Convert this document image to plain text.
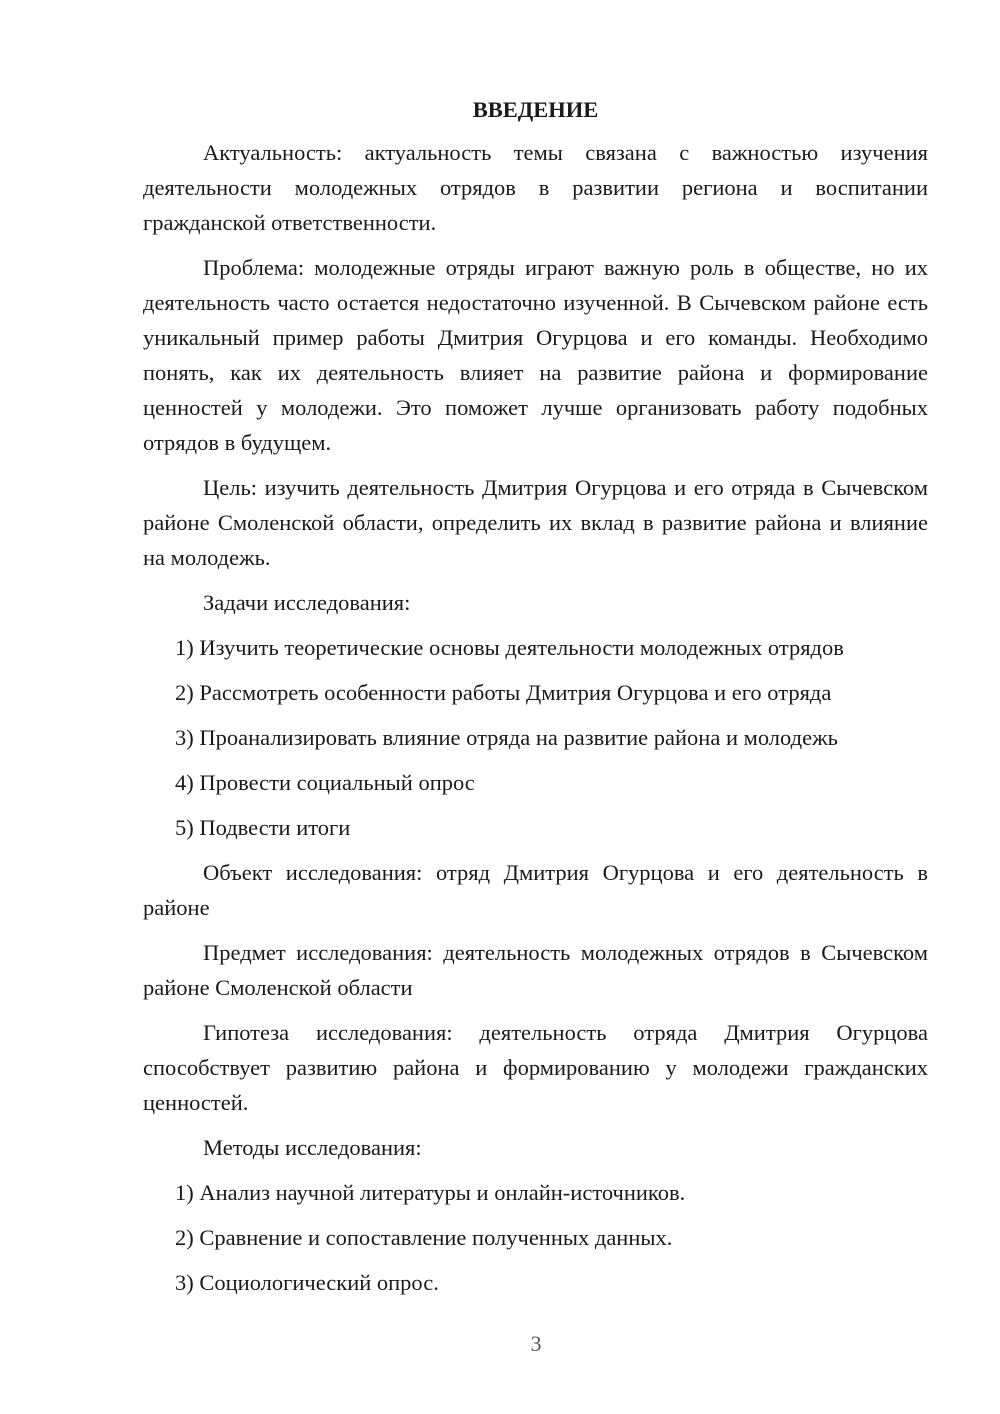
ВВЕДЕНИЕ

Актуальность: актуальность темы связана с важностью изучения деятельности молодежных отрядов в развитии региона и воспитании гражданской ответственности.

Проблема: молодежные отряды играют важную роль в обществе, но их деятельность часто остается недостаточно изученной. В Сычевском районе есть уникальный пример работы Дмитрия Огурцова и его команды. Необходимо понять, как их деятельность влияет на развитие района и формирование ценностей у молодежи. Это поможет лучше организовать работу подобных отрядов в будущем.

Цель: изучить деятельность Дмитрия Огурцова и его отряда в Сычевском районе Смоленской области, определить их вклад в развитие района и влияние на молодежь.

Задачи исследования:

1) Изучить теоретические основы деятельности молодежных отрядов
2) Рассмотреть особенности работы Дмитрия Огурцова и его отряда
3) Проанализировать влияние отряда на развитие района и молодежь
4) Провести социальный опрос
5) Подвести итоги

Объект исследования: отряд Дмитрия Огурцова и его деятельность в районе

Предмет исследования: деятельность молодежных отрядов в Сычевском районе Смоленской области

Гипотеза исследования: деятельность отряда Дмитрия Огурцова способствует развитию района и формированию у молодежи гражданских ценностей.

Методы исследования:

1) Анализ научной литературы и онлайн-источников.
2) Сравнение и сопоставление полученных данных.
3) Социологический опрос.
3
